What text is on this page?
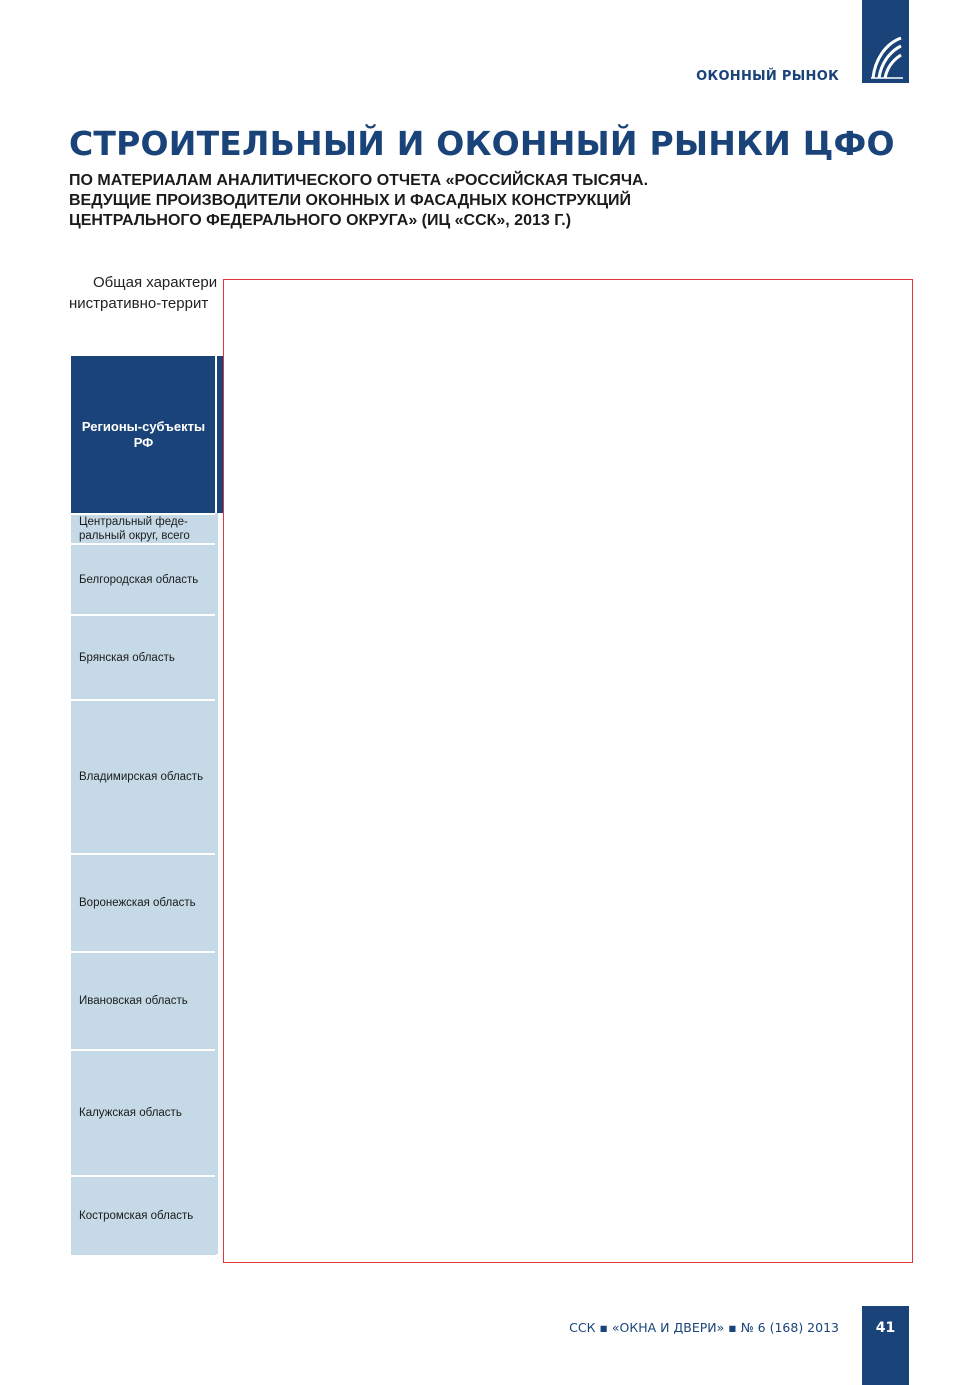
ОКОННЫЙ РЫНОК
СТРОИТЕЛЬНЫЙ И ОКОННЫЙ РЫНКИ ЦФО
ПО МАТЕРИАЛАМ АНАЛИТИЧЕСКОГО ОТЧЕТА «РОССИЙСКАЯ ТЫСЯЧА.
ВЕДУЩИЕ ПРОИЗВОДИТЕЛИ ОКОННЫХ И ФАСАДНЫХ КОНСТРУКЦИЙ
ЦЕНТРАЛЬНОГО ФЕДЕРАЛЬНОГО ОКРУГА» (ИЦ «ССК», 2013 Г.)
Общая характери
нистративно-террит
Регионы-субъекты РФ
Центральный феде-ральный округ, всего
Белгородская область
Брянская область
Владимирская область
Воронежская область
Ивановская область
Калужская область
Костромская область
ССК ▪ «ОКНА И ДВЕРИ» ▪ № 6 (168) 2013	41
